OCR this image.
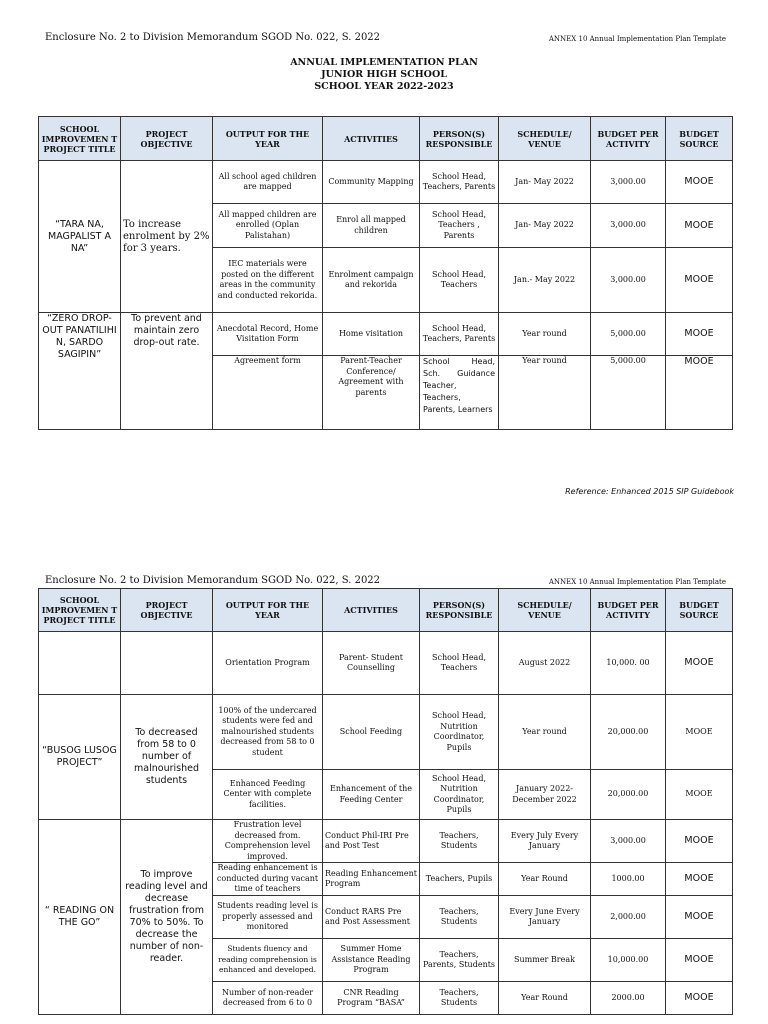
Enclosure No. 2 to Division Memorandum SGOD No. 022, S. 2022	ANNEX 10 Annual Implementation Plan Template
ANNUAL IMPLEMENTATION PLAN
JUNIOR HIGH SCHOOL
SCHOOL YEAR 2022-2023
SCHOOL IMPROVEMEN T PROJECT TITLE	PROJECT OBJECTIVE	OUTPUT FOR THE YEAR	ACTIVITIES	PERSON(S) RESPONSIBLE	SCHEDULE/ VENUE	BUDGET PER ACTIVITY	BUDGET SOURCE
“TARA NA, MAGPALIST A NA”	To increase enrolment by 2% for 3 years.	All school aged children are mapped	Community Mapping	School Head, Teachers, Parents	Jan- May 2022	3,000.00	MOOE
		All mapped children are enrolled (Oplan Palistahan)	Enrol all mapped children	School Head, Teachers , Parents	Jan- May 2022	3,000.00	MOOE
		IEC materials were posted on the different areas in the community and conducted rekorida.	Enrolment campaign and rekorida	School Head, Teachers	Jan.- May 2022	3,000.00	MOOE
“ZERO DROP-OUT PANATILIHI N, SARDO SAGIPIN”	To prevent and maintain zero drop-out rate.	Anecdotal Record, Home Visitation Form	Home visitation	School Head, Teachers, Parents	Year round	5,000.00	MOOE
		Agreement form	Parent-Teacher Conference/ Agreement with parents	School Head, Sch. Guidance Teacher, Teachers, Parents, Learners	Year round	5,000.00	MOOE
Reference: Enhanced 2015 SIP Guidebook
Enclosure No. 2 to Division Memorandum SGOD No. 022, S. 2022	ANNEX 10 Annual Implementation Plan Template
SCHOOL IMPROVEMEN T PROJECT TITLE	PROJECT OBJECTIVE	OUTPUT FOR THE YEAR	ACTIVITIES	PERSON(S) RESPONSIBLE	SCHEDULE/ VENUE	BUDGET PER ACTIVITY	BUDGET SOURCE
		Orientation Program	Parent- Student Counselling	School Head, Teachers	August 2022	10,000. 00	MOOE
“BUSOG LUSOG PROJECT”	To decreased from 58 to 0 number of malnourished students	100% of the undercared students were fed and malnourished students decreased from 58 to 0 student	School Feeding	School Head, Nutrition Coordinator, Pupils	Year round	20,000.00	MOOE
		Enhanced Feeding Center with complete facilities.	Enhancement of the Feeding Center	School Head, Nutrition Coordinator, Pupils	January 2022- December 2022	20,000.00	MOOE
“ READING ON THE GO”	To improve reading level and decrease frustration from 70% to 50%. To decrease the number of non-reader.	Frustration level decreased from. Comprehension level improved.	Conduct Phil-IRI Pre and Post Test	Teachers, Students	Every July Every January	3,000.00	MOOE
		Reading enhancement is conducted during vacant time of teachers	Reading Enhancement Program	Teachers, Pupils	Year Round	1000.00	MOOE
		Students reading level is properly assessed and monitored	Conduct RARS Pre and Post Assessment	Teachers, Students	Every June Every January	2,000.00	MOOE
		Students fluency and reading comprehension is enhanced and developed.	Summer Home Assistance Reading Program	Teachers, Parents, Students	Summer Break	10,000.00	MOOE
		Number of non-reader decreased from 6 to 0	CNR Reading Program “BASA”	Teachers, Students	Year Round	2000.00	MOOE
